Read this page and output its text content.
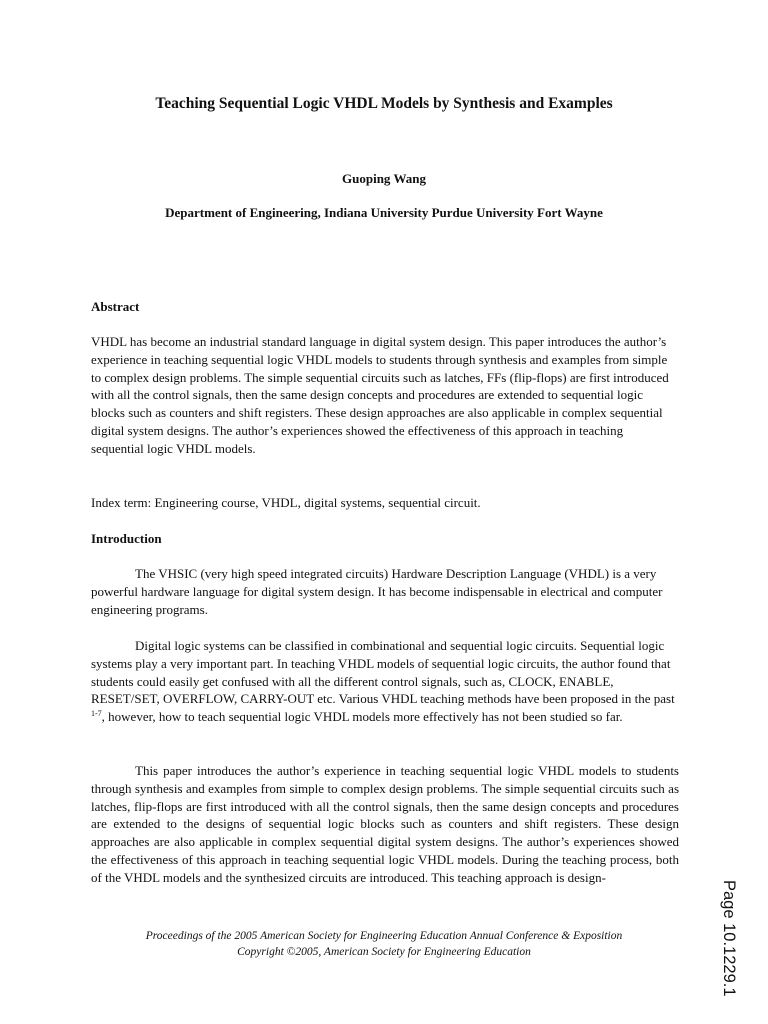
Teaching Sequential Logic VHDL Models by Synthesis and Examples
Guoping Wang
Department of Engineering, Indiana University Purdue University Fort Wayne
Abstract

VHDL has become an industrial standard language in digital system design. This paper introduces the author’s experience in teaching sequential logic VHDL models to students through synthesis and examples from simple to complex design problems. The simple sequential circuits such as latches, FFs (flip-flops) are first introduced with all the control signals, then the same design concepts and procedures are extended to sequential logic blocks such as counters and shift registers. These design approaches are also applicable in complex sequential digital system designs. The author’s experiences showed the effectiveness of this approach in teaching sequential logic VHDL models.

Index term: Engineering course, VHDL, digital systems, sequential circuit.

Introduction

The VHSIC (very high speed integrated circuits) Hardware Description Language (VHDL) is a very powerful hardware language for digital system design. It has become indispensable in electrical and computer engineering programs.

Digital logic systems can be classified in combinational and sequential logic circuits. Sequential logic systems play a very important part. In teaching VHDL models of sequential logic circuits, the author found that students could easily get confused with all the different control signals, such as, CLOCK, ENABLE, RESET/SET, OVERFLOW, CARRY-OUT etc. Various VHDL teaching methods have been proposed in the past $^{1-7}$, however, how to teach sequential logic VHDL models more effectively has not been studied so far.

This paper introduces the author’s experience in teaching sequential logic VHDL models to students through synthesis and examples from simple to complex design problems. The simple sequential circuits such as latches, flip-flops are first introduced with all the control signals, then the same design concepts and procedures are extended to the designs of sequential logic blocks such as counters and shift registers. These design approaches are also applicable in complex sequential digital system designs. The author’s experiences showed the effectiveness of this approach in teaching sequential logic VHDL models. During the teaching process, both of the VHDL models and the synthesized circuits are introduced. This teaching approach is design-

Proceedings of the 2005 American Society for Engineering Education Annual Conference & Exposition
Copyright ©2005, American Society for Engineering Education	Page 10.1229.1
